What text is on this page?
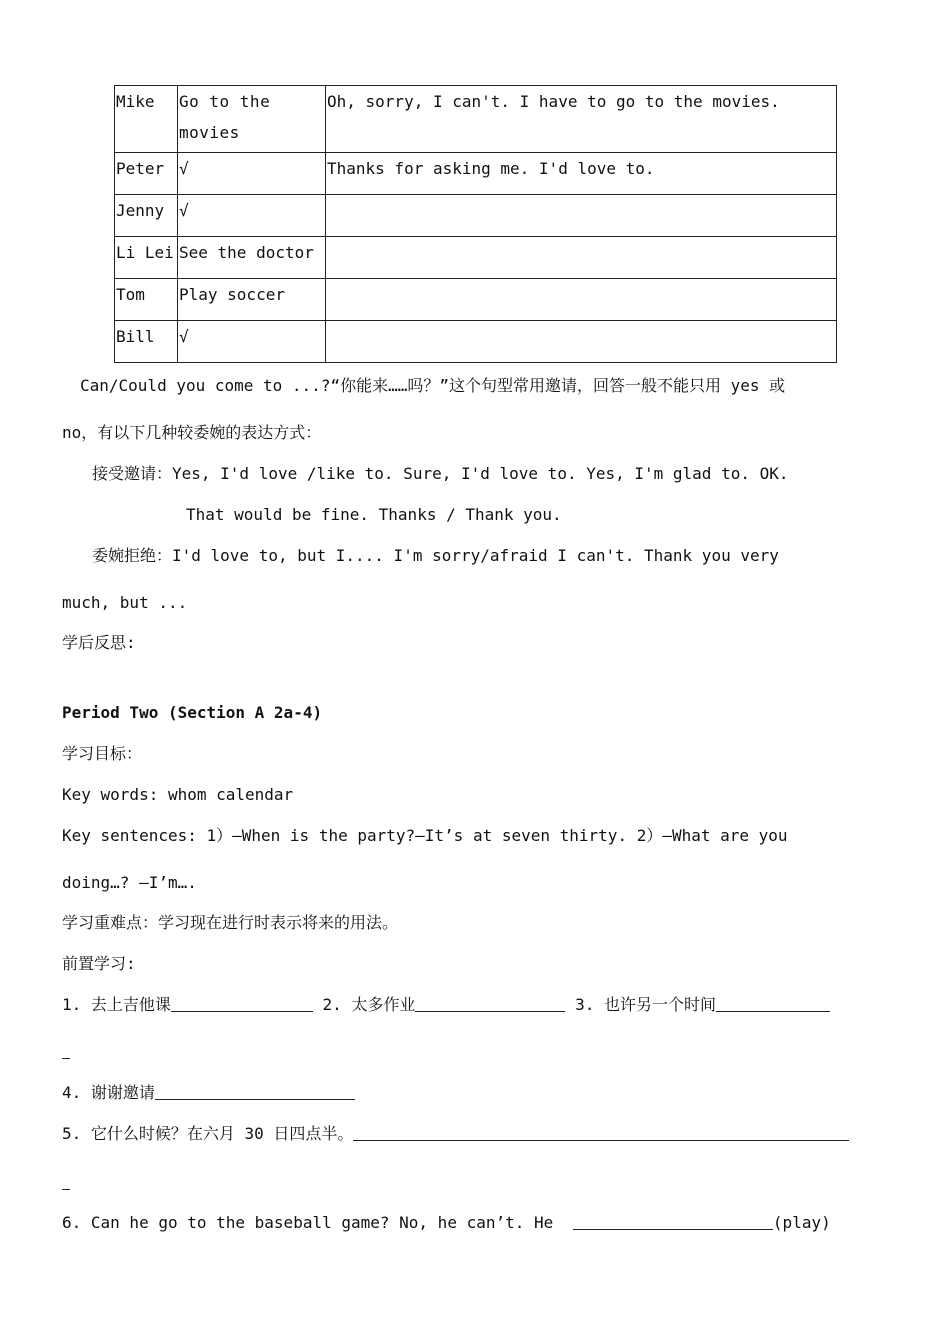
Mike	Go to the movies	Oh, sorry, I can't. I have to go to the movies.
Peter	√	Thanks for asking me. I'd love to.
Jenny	√	
Li Lei	See the doctor	
Tom	Play soccer	
Bill	√	
Can/Could you come to ...?“你能来……吗？”这个句型常用邀请，回答一般不能只用 yes 或
no，有以下几种较委婉的表达方式：
接受邀请：Yes, I'd love /like to. Sure, I'd love to. Yes, I'm glad to. OK.
That would be fine. Thanks / Thank you.
委婉拒绝：I'd love to, but I.... I'm sorry/afraid I can't. Thank you very
much, but ...
学后反思:
Period Two (Section A 2a-4)
学习目标：
Key words: whom calendar
Key sentences: 1）—When is the party?—It’s at seven thirty. 2）—What are you
doing…? —I’m….
学习重难点：学习现在进行时表示将来的用法。
前置学习:
1. 去上吉他课	2. 太多作业	3. 也许另一个时间
4. 谢谢邀请
5. 它什么时候？在六月 30 日四点半。
6. Can he go to the baseball game? No, he can’t. He	(play)
